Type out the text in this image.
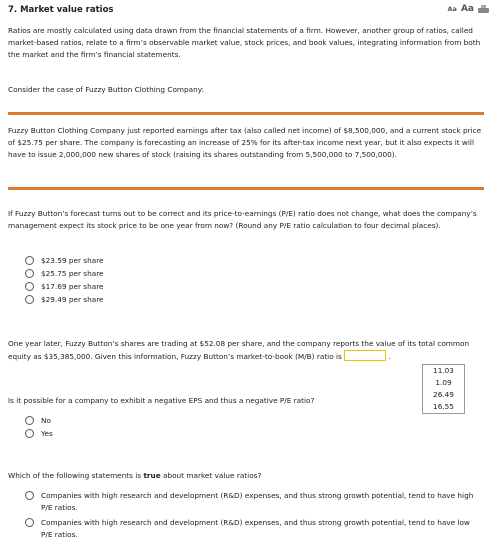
7. Market value ratios	Aa Aa
Ratios are mostly calculated using data drawn from the financial statements of a firm. However, another group of ratios, called market-based ratios, relate to a firm’s observable market value, stock prices, and book values, integrating information from both the market and the firm’s financial statements.
Consider the case of Fuzzy Button Clothing Company:
Fuzzy Button Clothing Company just reported earnings after tax (also called net income) of $8,500,000, and a current stock price of $25.75 per share. The company is forecasting an increase of 25% for its after-tax income next year, but it also expects it will have to issue 2,000,000 new shares of stock (raising its shares outstanding from 5,500,000 to 7,500,000).
If Fuzzy Button’s forecast turns out to be correct and its price-to-earnings (P/E) ratio does not change, what does the company’s management expect its stock price to be one year from now? (Round any P/E ratio calculation to four decimal places).
$23.59 per share
$25.75 per share
$17.69 per share
$29.49 per share
One year later, Fuzzy Button’s shares are trading at $52.08 per share, and the company reports the value of its total common equity as $35,385,000. Given this information, Fuzzy Button’s market-to-book (M/B) ratio is	.
11.03
1.09
26.49
16.55
Is it possible for a company to exhibit a negative EPS and thus a negative P/E ratio?
No
Yes
Which of the following statements is true about market value ratios?
Companies with high research and development (R&D) expenses, and thus strong growth potential, tend to have high P/E ratios.
Companies with high research and development (R&D) expenses, and thus strong growth potential, tend to have low P/E ratios.
